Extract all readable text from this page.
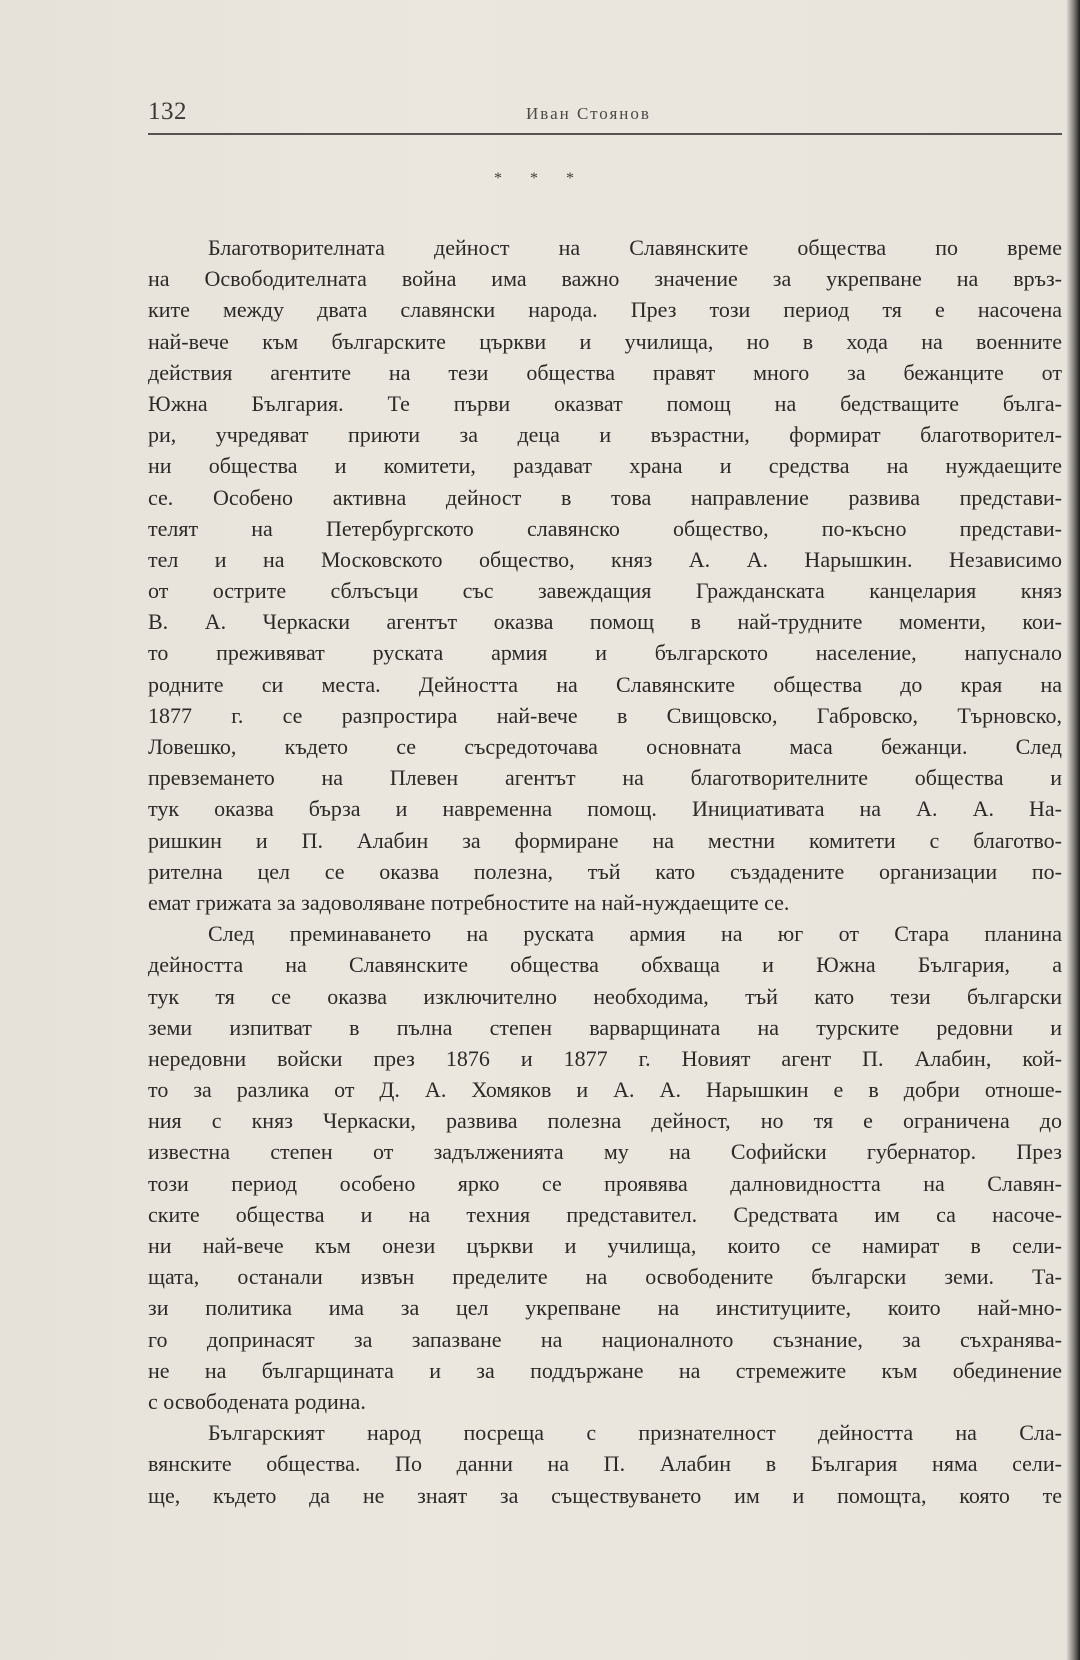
132	Иван Стоянов
* * *
Благотворителната дейност на Славянските общества по време
на Освободителната война има важно значение за укрепване на връз-
ките между двата славянски народа. През този период тя е насочена
най-вече към българските църкви и училища, но в хода на военните
действия агентите на тези общества правят много за бежанците от
Южна България. Те първи оказват помощ на бедстващите бълга-
ри, учредяват приюти за деца и възрастни, формират благотворител-
ни общества и комитети, раздават храна и средства на нуждаещите
се. Особено активна дейност в това направление развива представи-
телят на Петербургското славянско общество, по-късно представи-
тел и на Московското общество, княз А. А. Нарышкин. Независимо
от острите сблъсъци със завеждащия Гражданската канцелария княз
В. А. Черкаски агентът оказва помощ в най-трудните моменти, кои-
то преживяват руската армия и българското население, напуснало
родните си места. Дейността на Славянските общества до края на
1877 г. се разпростира най-вече в Свищовско, Габровско, Търновско,
Ловешко, където се съсредоточава основната маса бежанци. След
превземането на Плевен агентът на благотворителните общества и
тук оказва бърза и навременна помощ. Инициативата на А. А. На-
ришкин и П. Алабин за формиране на местни комитети с благотво-
рителна цел се оказва полезна, тъй като създадените организации по-
емат грижата за задоволяване потребностите на най-нуждаещите се.
След преминаването на руската армия на юг от Стара планина
дейността на Славянските общества обхваща и Южна България, а
тук тя се оказва изключително необходима, тъй като тези български
земи изпитват в пълна степен варварщината на турските редовни и
нередовни войски през 1876 и 1877 г. Новият агент П. Алабин, кой-
то за разлика от Д. А. Хомяков и А. А. Нарышкин е в добри отноше-
ния с княз Черкаски, развива полезна дейност, но тя е ограничена до
известна степен от задълженията му на Софийски губернатор. През
този период особено ярко се проявява далновидността на Славян-
ските общества и на техния представител. Средствата им са насоче-
ни най-вече към онези църкви и училища, които се намират в сели-
щата, останали извън пределите на освободените български земи. Та-
зи политика има за цел укрепване на институциите, които най-мно-
го допринасят за запазване на националното съзнание, за съхранява-
не на българщината и за поддържане на стремежите към обединение
с освободената родина.
Българският народ посреща с признателност дейността на Сла-
вянските общества. По данни на П. Алабин в България няма сели-
ще, където да не знаят за съществуването им и помощта, която те
